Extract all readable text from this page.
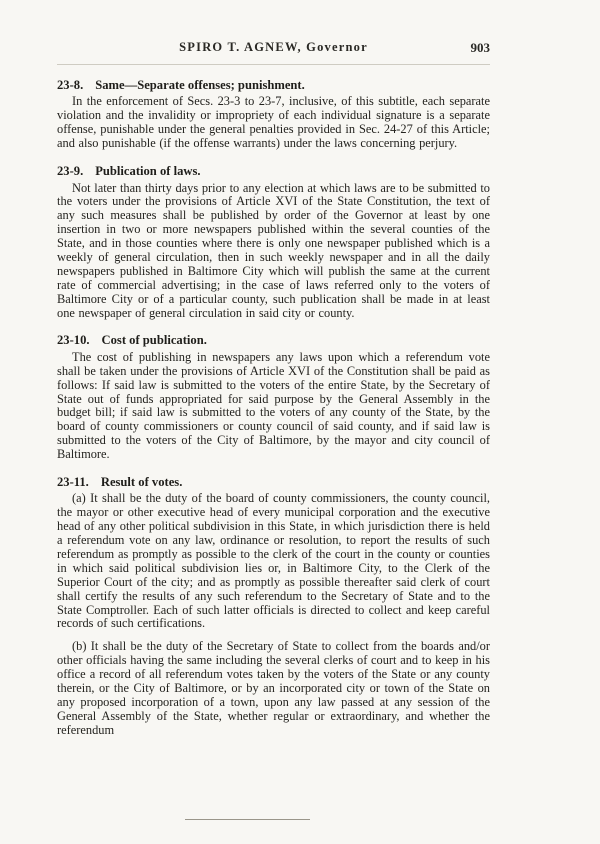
SPIRO T. AGNEW, Governor	903
23-8. Same—Separate offenses; punishment.

In the enforcement of Secs. 23-3 to 23-7, inclusive, of this subtitle, each separate violation and the invalidity or impropriety of each individual signature is a separate offense, punishable under the general penalties provided in Sec. 24-27 of this Article; and also punishable (if the offense warrants) under the laws concerning perjury.

23-9. Publication of laws.

Not later than thirty days prior to any election at which laws are to be submitted to the voters under the provisions of Article XVI of the State Constitution, the text of any such measures shall be published by order of the Governor at least by one insertion in two or more newspapers published within the several counties of the State, and in those counties where there is only one newspaper published which is a weekly of general circulation, then in such weekly newspaper and in all the daily newspapers published in Baltimore City which will publish the same at the current rate of commercial advertising; in the case of laws referred only to the voters of Baltimore City or of a particular county, such publication shall be made in at least one newspaper of general circulation in said city or county.

23-10. Cost of publication.

The cost of publishing in newspapers any laws upon which a referendum vote shall be taken under the provisions of Article XVI of the Constitution shall be paid as follows: If said law is submitted to the voters of the entire State, by the Secretary of State out of funds appropriated for said purpose by the General Assembly in the budget bill; if said law is submitted to the voters of any county of the State, by the board of county commissioners or county council of said county, and if said law is submitted to the voters of the City of Baltimore, by the mayor and city council of Baltimore.

23-11. Result of votes.

(a) It shall be the duty of the board of county commissioners, the county council, the mayor or other executive head of every municipal corporation and the executive head of any other political subdivision in this State, in which jurisdiction there is held a referendum vote on any law, ordinance or resolution, to report the results of such referendum as promptly as possible to the clerk of the court in the county or counties in which said political subdivision lies or, in Baltimore City, to the Clerk of the Superior Court of the city; and as promptly as possible thereafter said clerk of court shall certify the results of any such referendum to the Secretary of State and to the State Comptroller. Each of such latter officials is directed to collect and keep careful records of such certifications.

(b) It shall be the duty of the Secretary of State to collect from the boards and/or other officials having the same including the several clerks of court and to keep in his office a record of all referendum votes taken by the voters of the State or any county therein, or the City of Baltimore, or by an incorporated city or town of the State on any proposed incorporation of a town, upon any law passed at any session of the General Assembly of the State, whether regular or extraordinary, and whether the referendum
